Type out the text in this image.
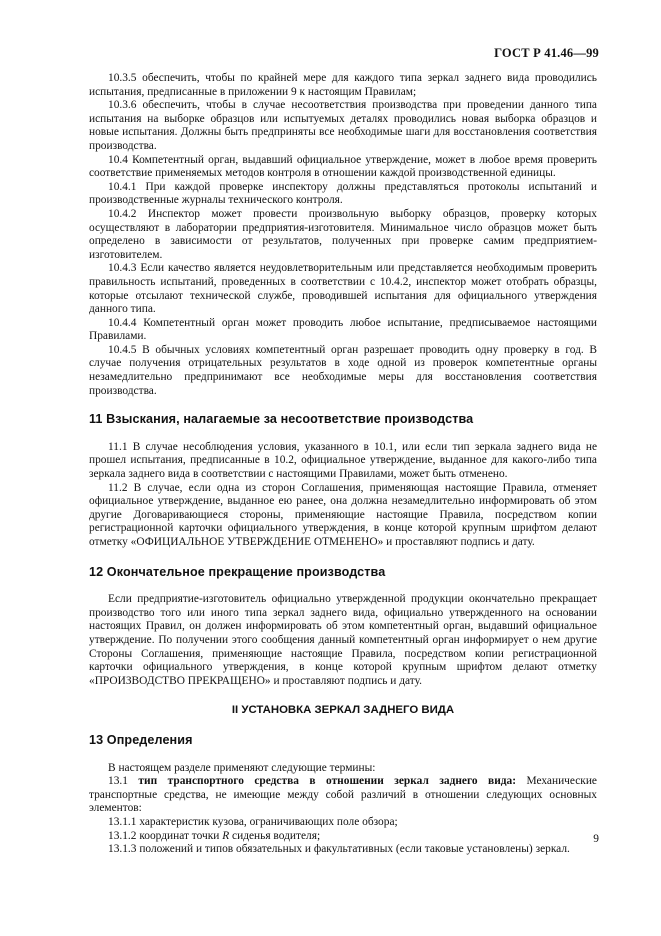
ГОСТ Р 41.46—99

10.3.5 обеспечить, чтобы по крайней мере для каждого типа зеркал заднего вида проводились испытания, предписанные в приложении 9 к настоящим Правилам;

10.3.6 обеспечить, чтобы в случае несоответствия производства при проведении данного типа испытания на выборке образцов или испытуемых деталях проводились новая выборка образцов и новые испытания. Должны быть предприняты все необходимые шаги для восстановления соответствия производства.

10.4 Компетентный орган, выдавший официальное утверждение, может в любое время проверить соответствие применяемых методов контроля в отношении каждой производственной единицы.

10.4.1 При каждой проверке инспектору должны представляться протоколы испытаний и производственные журналы технического контроля.

10.4.2 Инспектор может провести произвольную выборку образцов, проверку которых осуществляют в лаборатории предприятия-изготовителя. Минимальное число образцов может быть определено в зависимости от результатов, полученных при проверке самим предприятием-изготовителем.

10.4.3 Если качество является неудовлетворительным или представляется необходимым проверить правильность испытаний, проведенных в соответствии с 10.4.2, инспектор может отобрать образцы, которые отсылают технической службе, проводившей испытания для официального утверждения данного типа.

10.4.4 Компетентный орган может проводить любое испытание, предписываемое настоящими Правилами.

10.4.5 В обычных условиях компетентный орган разрешает проводить одну проверку в год. В случае получения отрицательных результатов в ходе одной из проверок компетентные органы незамедлительно предпринимают все необходимые меры для восстановления соответствия производства.

11 Взыскания, налагаемые за несоответствие производства

11.1 В случае несоблюдения условия, указанного в 10.1, или если тип зеркала заднего вида не прошел испытания, предписанные в 10.2, официальное утверждение, выданное для какого-либо типа зеркала заднего вида в соответствии с настоящими Правилами, может быть отменено.

11.2 В случае, если одна из сторон Соглашения, применяющая настоящие Правила, отменяет официальное утверждение, выданное ею ранее, она должна незамедлительно информировать об этом другие Договаривающиеся стороны, применяющие настоящие Правила, посредством копии регистрационной карточки официального утверждения, в конце которой крупным шрифтом делают отметку «ОФИЦИАЛЬНОЕ УТВЕРЖДЕНИЕ ОТМЕНЕНО» и проставляют подпись и дату.

12 Окончательное прекращение производства

Если предприятие-изготовитель официально утвержденной продукции окончательно прекращает производство того или иного типа зеркал заднего вида, официально утвержденного на основании настоящих Правил, он должен информировать об этом компетентный орган, выдавший официальное утверждение. По получении этого сообщения данный компетентный орган информирует о нем другие Стороны Соглашения, применяющие настоящие Правила, посредством копии регистрационной карточки официального утверждения, в конце которой крупным шрифтом делают отметку «ПРОИЗВОДСТВО ПРЕКРАЩЕНО» и проставляют подпись и дату.

II УСТАНОВКА ЗЕРКАЛ ЗАДНЕГО ВИДА
13 Определения

В настоящем разделе применяют следующие термины:

13.1 тип транспортного средства в отношении зеркал заднего вида: Механические транспортные средства, не имеющие между собой различий в отношении следующих основных элементов:

13.1.1 характеристик кузова, ограничивающих поле обзора;

13.1.2 координат точки R сиденья водителя;

13.1.3 положений и типов обязательных и факультативных (если таковые установлены) зеркал.

9
